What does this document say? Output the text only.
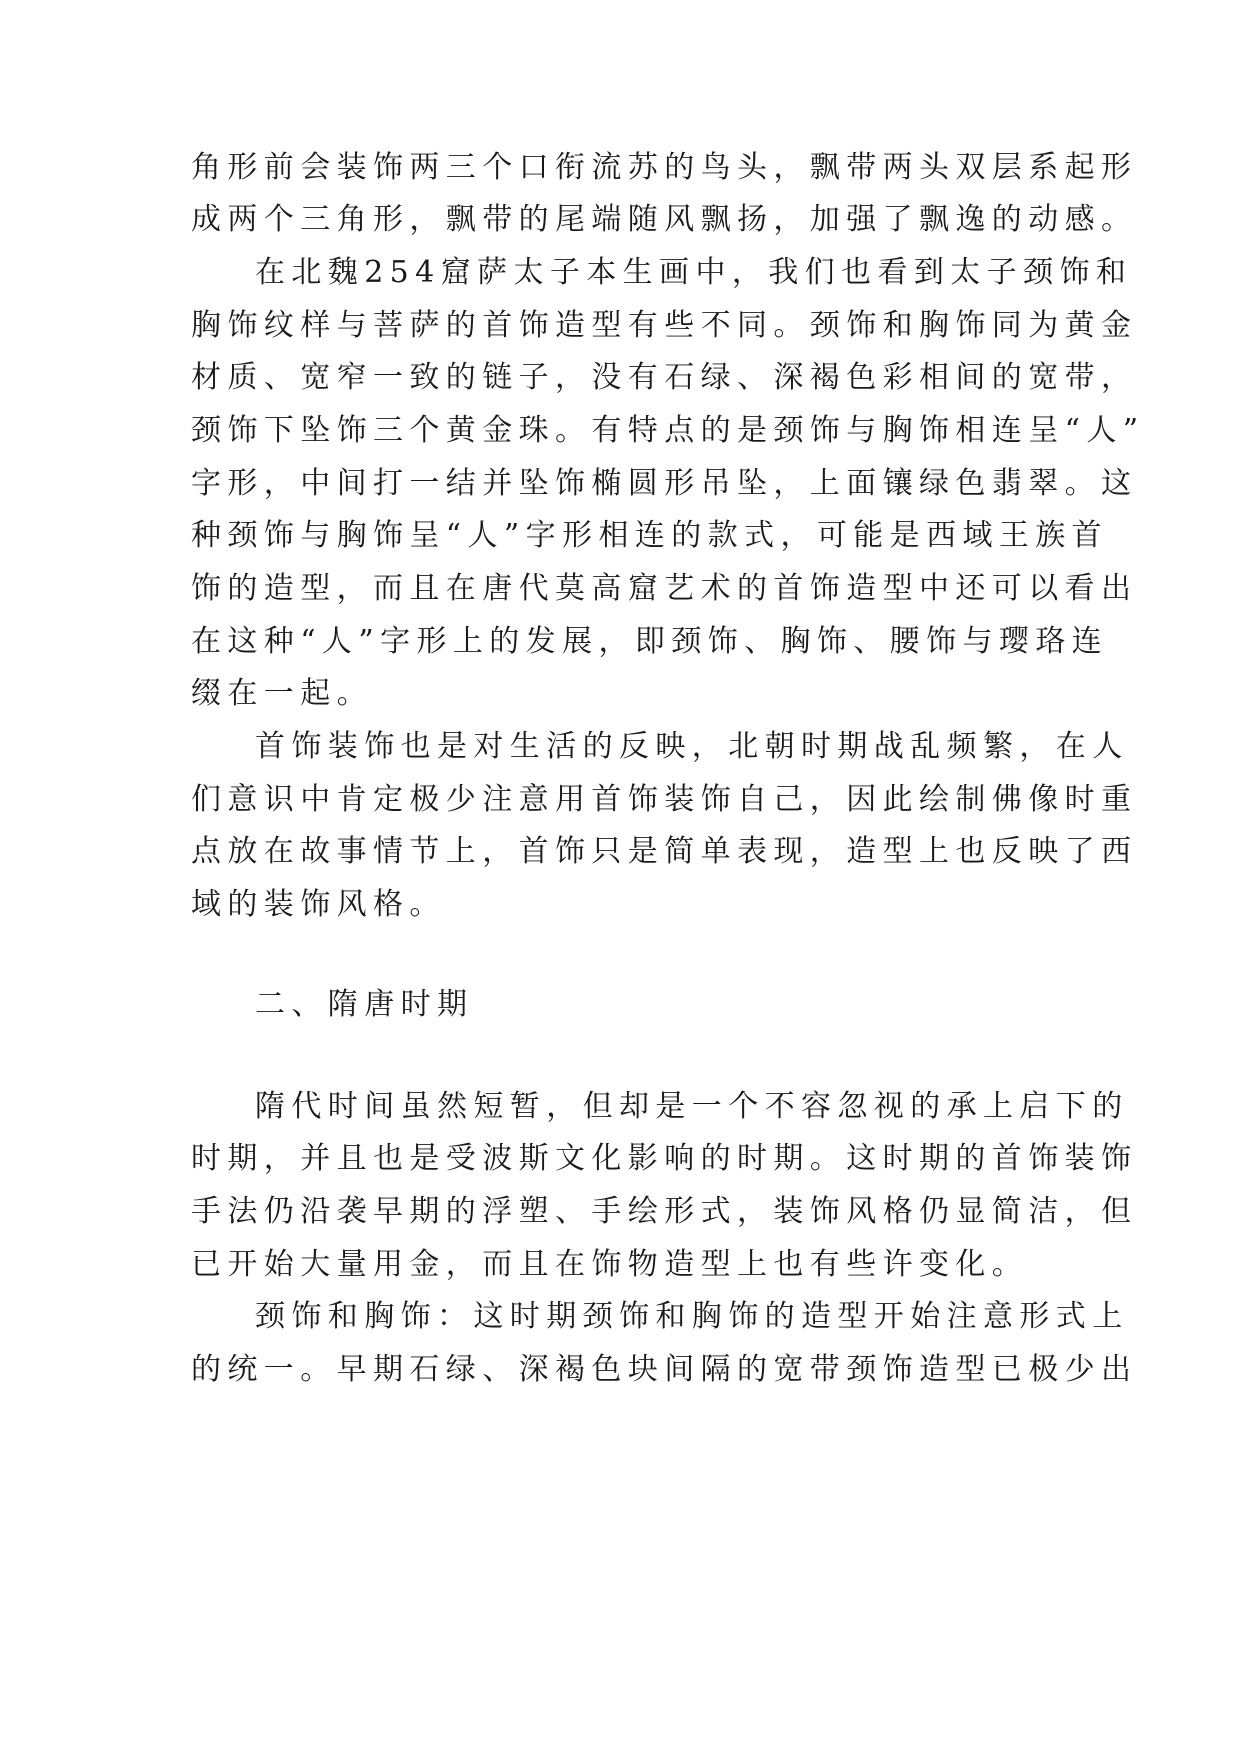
角形前会装饰两三个口衔流苏的鸟头，飘带两头双层系起形
成两个三角形，飘带的尾端随风飘扬，加强了飘逸的动感。
在北魏254窟萨太子本生画中，我们也看到太子颈饰和
胸饰纹样与菩萨的首饰造型有些不同。颈饰和胸饰同为黄金
材质、宽窄一致的链子，没有石绿、深褐色彩相间的宽带，
颈饰下坠饰三个黄金珠。有特点的是颈饰与胸饰相连呈“人”
字形，中间打一结并坠饰椭圆形吊坠，上面镶绿色翡翠。这
种颈饰与胸饰呈“人”字形相连的款式，可能是西域王族首
饰的造型，而且在唐代莫高窟艺术的首饰造型中还可以看出
在这种“人”字形上的发展，即颈饰、胸饰、腰饰与璎珞连
缀在一起。
首饰装饰也是对生活的反映，北朝时期战乱频繁，在人
们意识中肯定极少注意用首饰装饰自己，因此绘制佛像时重
点放在故事情节上，首饰只是简单表现，造型上也反映了西
域的装饰风格。
二、隋唐时期
隋代时间虽然短暂，但却是一个不容忽视的承上启下的
时期，并且也是受波斯文化影响的时期。这时期的首饰装饰
手法仍沿袭早期的浮塑、手绘形式，装饰风格仍显简洁，但
已开始大量用金，而且在饰物造型上也有些许变化。
颈饰和胸饰：这时期颈饰和胸饰的造型开始注意形式上
的统一。早期石绿、深褐色块间隔的宽带颈饰造型已极少出
